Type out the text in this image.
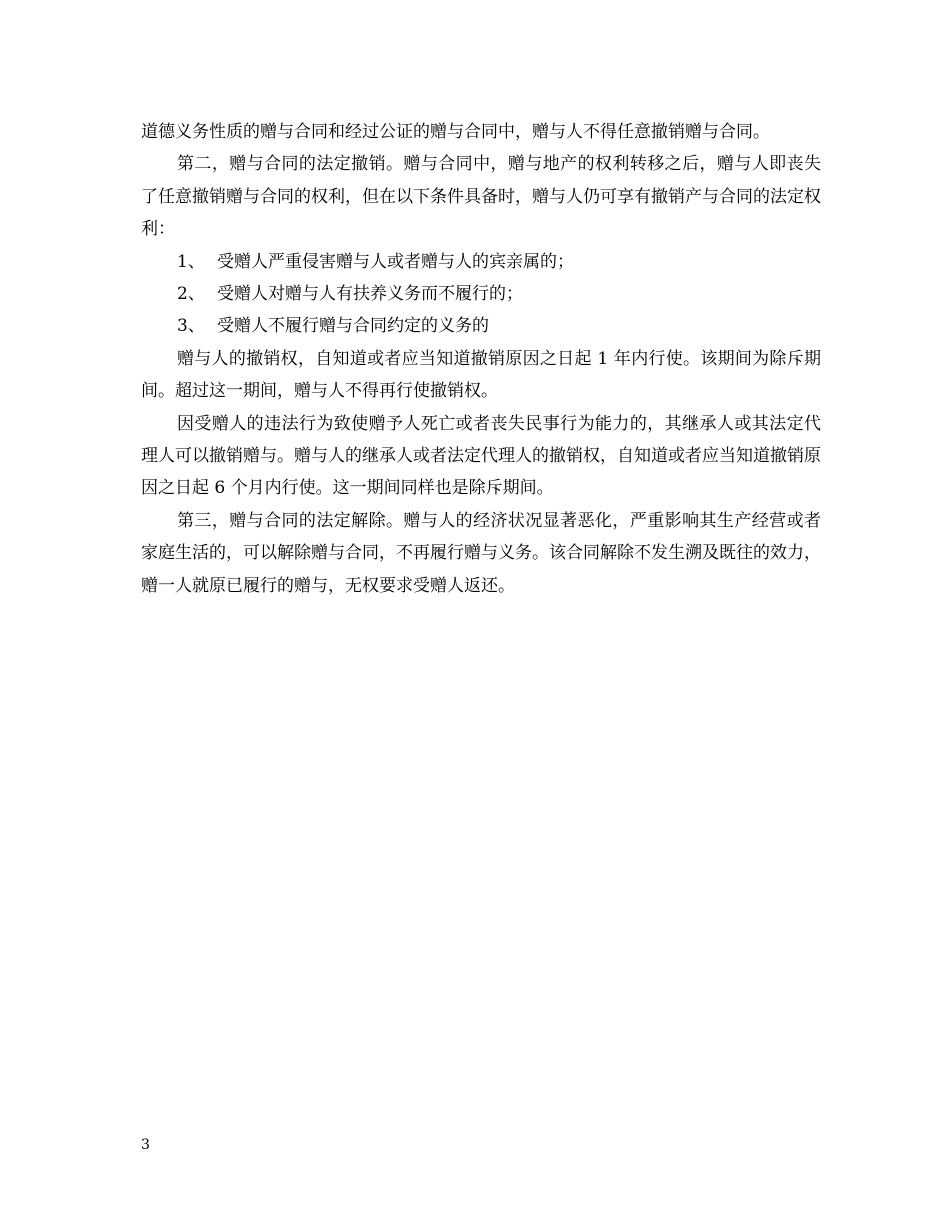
道德义务性质的赠与合同和经过公证的赠与合同中，赠与人不得任意撤销赠与合同。

第二，赠与合同的法定撤销。赠与合同中，赠与地产的权利转移之后，赠与人即丧失了任意撤销赠与合同的权利，但在以下条件具备时，赠与人仍可享有撤销产与合同的法定权利：

1、 受赠人严重侵害赠与人或者赠与人的宾亲属的；

2、 受赠人对赠与人有扶养义务而不履行的；

3、 受赠人不履行赠与合同约定的义务的

赠与人的撤销权，自知道或者应当知道撤销原因之日起 1 年内行使。该期间为除斥期间。超过这一期间，赠与人不得再行使撤销权。

因受赠人的违法行为致使赠予人死亡或者丧失民事行为能力的，其继承人或其法定代理人可以撤销赠与。赠与人的继承人或者法定代理人的撤销权，自知道或者应当知道撤销原因之日起 6 个月内行使。这一期间同样也是除斥期间。

第三，赠与合同的法定解除。赠与人的经济状况显著恶化，严重影响其生产经营或者家庭生活的，可以解除赠与合同，不再履行赠与义务。该合同解除不发生溯及既往的效力，赠一人就原已履行的赠与，无权要求受赠人返还。

3
